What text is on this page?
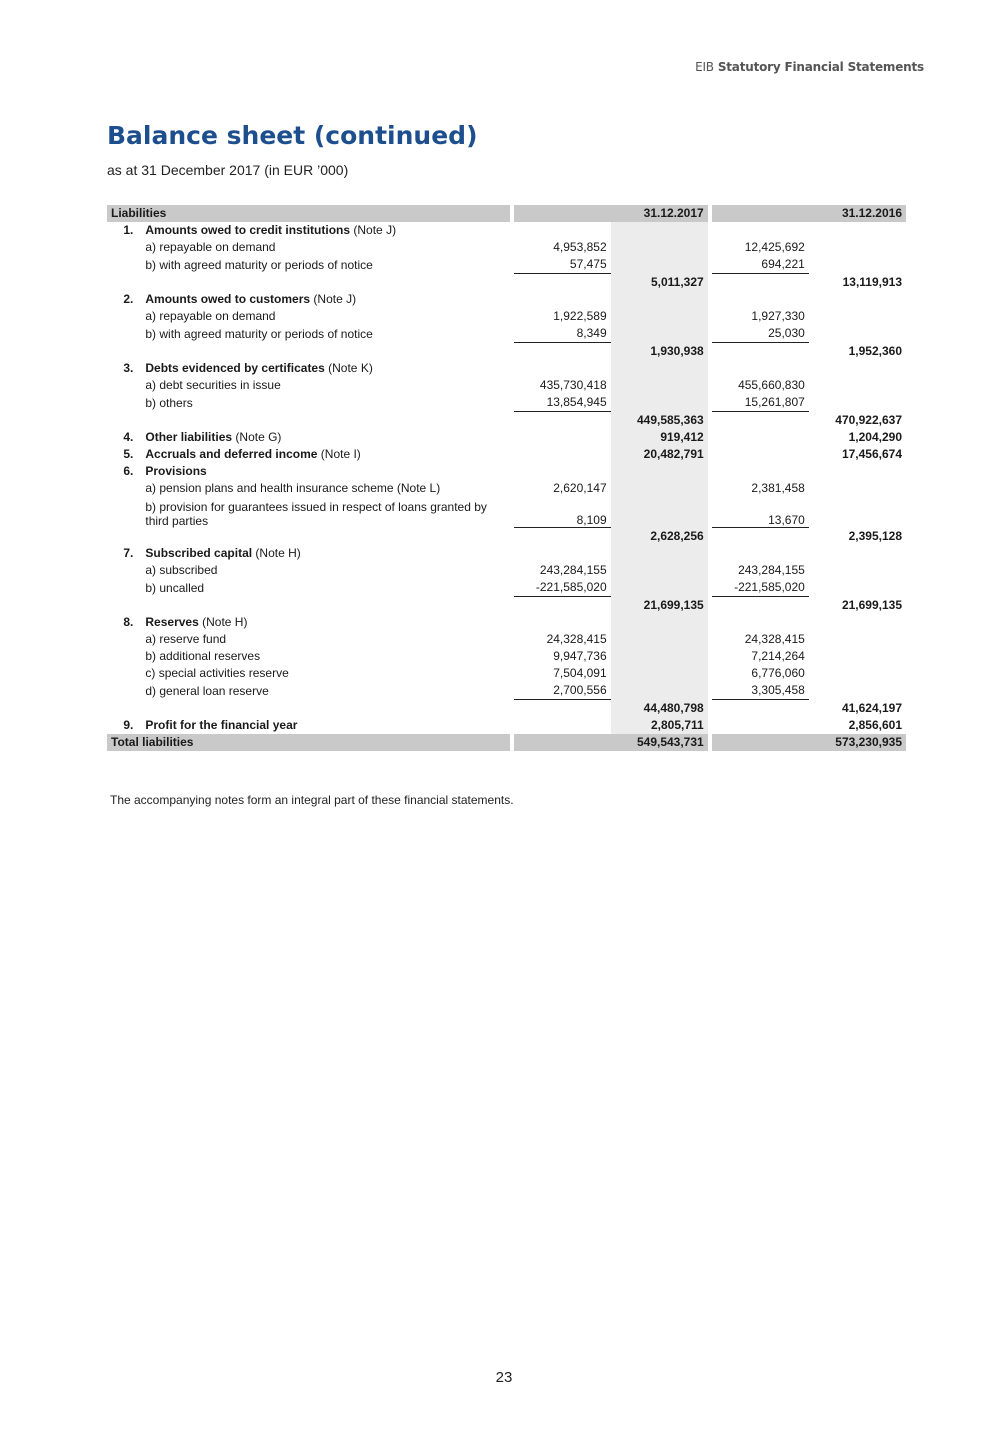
EIB Statutory Financial Statements
Balance sheet (continued)
as at 31 December 2017 (in EUR ’000)
Liabilities			31.12.2017			31.12.2016	
1.	Amounts owed to credit institutions (Note J)						
	a) repayable on demand		4,953,852			12,425,692	
	b) with agreed maturity or periods of notice		57,475			694,221	
				5,011,327			13,119,913
2.	Amounts owed to customers (Note J)						
	a) repayable on demand		1,922,589			1,927,330	
	b) with agreed maturity or periods of notice		8,349			25,030	
				1,930,938			1,952,360
3.	Debts evidenced by certificates (Note K)						
	a) debt securities in issue		435,730,418			455,660,830	
	b) others		13,854,945			15,261,807	
				449,585,363			470,922,637
4.	Other liabilities (Note G)			919,412			1,204,290
5.	Accruals and deferred income (Note I)			20,482,791			17,456,674
6.	Provisions						
	a) pension plans and health insurance scheme (Note L)		2,620,147			2,381,458	
	b) provision for guarantees issued in respect of loans granted by third parties		8,109			13,670	
				2,628,256			2,395,128
7.	Subscribed capital (Note H)						
	a) subscribed		243,284,155			243,284,155	
	b) uncalled		-221,585,020			-221,585,020	
				21,699,135			21,699,135
8.	Reserves (Note H)						
	a) reserve fund		24,328,415			24,328,415	
	b) additional reserves		9,947,736			7,214,264	
	c) special activities reserve		7,504,091			6,776,060	
	d) general loan reserve		2,700,556			3,305,458	
				44,480,798			41,624,197
9.	Profit for the financial year			2,805,711			2,856,601
Total liabilities			549,543,731			573,230,935	
The accompanying notes form an integral part of these financial statements.
23
